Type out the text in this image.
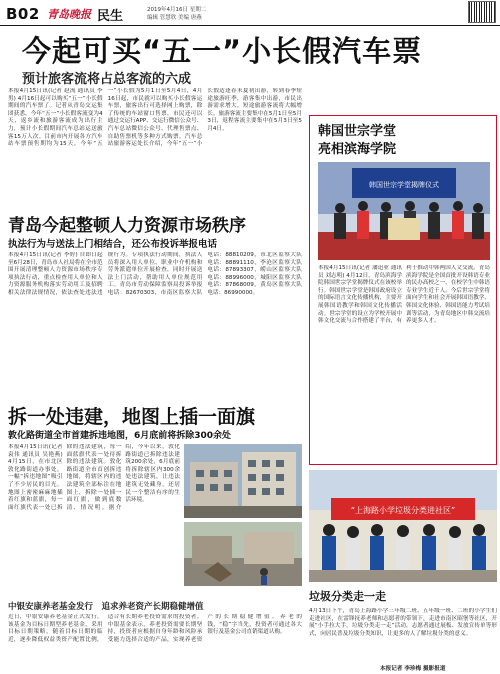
B02 青岛晚报 民生	2019年4月16日 星期二
编辑 管慧欣 美编 唐燕
今起可买“五一”小长假汽车票
预计旅客流将占总客流的六成
本报4月15日讯(记者 赵流 通讯员 李男) 4月16日起可以购买“五一”小长假期间的汽车票了。记者从青岛交运集团获悉，今年“五一”小长假客流变为4天，返乡流和旅游客流成为出行主力，预计小长假期间汽车总站运送旅客15万人次。目前市内开展各方汽车站车票预售期均为15天，今年“五一”小长假为5月1日至5月4日，4月16日起，市民就可以购买小长假客运车票，旅客出行可选择网上购票，除了传统的车站窗口售票，市民还可以通过交运行APP、交运行微信公众号、汽车总站微信公众号、代理售票点、自助售票机等多种方式购票。汽车总站旅游客运处长介绍，今年“五一”小长假适逢春末夏初出游，转到春季短途旅游旺季，游客集中出游，市民出游需求增大，短途旅游客流将大幅增长。旅游客流主要集中在5月1日至5月3日，返程客流主要集中在5月3日至5月4日。	韩国世宗学堂
亮相滨海学院
韩国世宗学堂揭牌仪式
本报4月15日讯(记者 潘迅业 通讯员 刘志明) 4月12日，青岛滨海学院韩国世宗学堂揭牌仪式在该校举行。韩国世宗学堂是韩国政府设立的国际语言文化传播机构，主要开展韩国语教学和韩国文化传播活动。世宗学堂的设立为学校开展中韩文化交流与合作搭建了平台，有利于推动中韩两国人文交流。青岛滨海学院是全国首批开设韩语专业的民办高校之一，在校学生中韩语专业学生近千人。今后世宗学堂将面向学生和社会开展韩国语教学、韩国文化体验、韩国语能力考试培训等活动，为青岛地区中韩交流培养更多人才。
青岛今起整顿人力资源市场秩序
执法行为与送法上门相结合，还公布投诉举报电话
本报4月15日讯(记者 李婷) 自即日起至6月28日，青岛市人社局将在全市范围开展清理整顿人力资源市场秩序专项执法行动，重点检查用人单位和人力资源服务机构落实劳动用工及招聘相关法律法规情况，依法查处违法违规行为。专项执法行动期间，执法人员将深入用人单位、职业中介机构和劳务派遣单位开展检查，同时开展送法上门活动，帮助用人单位规范用工。青岛市劳动保障监察局投诉举报电话：82670303，市南区监察大队电话：88810209，市北区监察大队电话：88891110，李沧区监察大队电话：87893307，崂山区监察大队电话：88996000，城阳区监察大队电话：87868009，黄岛区监察大队电话：86990000。
拆一处违建，地图上插一面旗
敦化路街道全市首建拆违地图，6月底前将拆除300余处
本报4月15日讯(记者 袁伟 通讯员 吴艳燕) 4月15日，在市北区敦化路街道办事处，一幅“拆违地图”吸引了不少居民的目光。地图上密密麻麻地插着红旗和蓝旗，每一面红旗代表一处已拆除的违法建筑，每一面蓝旗代表一处待拆除的违法建筑。敦化路街道全市首创拆违地图，将辖区内的违法建筑全部标注在地图上，拆除一处插一面红旗，做到底数清、情况明。据介绍，今年以来，敦化路街道已拆除违法建筑200余处，6月底前将拆除辖区内300余处违法建筑，让违法建筑无处藏身，还居民一个整洁有序的生活环境。
中银安康养老基金发行　追求养老资产长期稳健增值
近日，中银安康养老基金正式发行。该基金为目标日期型养老基金，采用目标日期策略，随着目标日期的临近，逐步降低权益类资产配置比例，适合有长期养老投资需求的投资者。中银基金表示，养老投资需要长期坚持，投资者应根据自身年龄和风险承受能力选择合适的产品，实现养老资产的长期稳健增值。养老的钱，“稳”字当先，投资者可通过各大银行及基金公司直销渠道认购。
“上海路小学垃圾分类进社区”
垃圾分类走一走
4月13日下午，青岛上海路小学三年级二班、五年级一班、二班的小学生们走进社区，在雷锋抚养老师和志愿者的带领下，走进市南区昭堡等社区，开展“小手拉大手，垃圾分类走一走”活动，志愿者通过展板、发放宣传单等形式，向居民普及垃圾分类知识，让更多的人了解垃圾分类的意义。
本报记者 李珍梅 摄影报道
